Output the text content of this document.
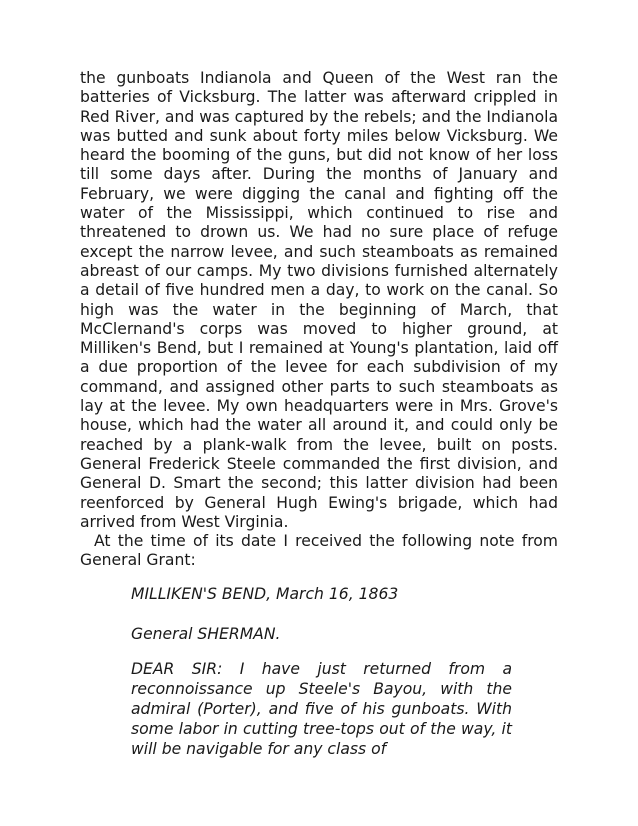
the gunboats Indianola and Queen of the West ran the batteries of Vicksburg. The latter was afterward crippled in Red River, and was captured by the rebels; and the Indianola was butted and sunk about forty miles below Vicksburg. We heard the booming of the guns, but did not know of her loss till some days after. During the months of January and February, we were digging the canal and fighting off the water of the Mississippi, which continued to rise and threatened to drown us. We had no sure place of refuge except the narrow levee, and such steamboats as remained abreast of our camps. My two divisions furnished alternately a detail of five hundred men a day, to work on the canal. So high was the water in the beginning of March, that McClernand's corps was moved to higher ground, at Milliken's Bend, but I remained at Young's plantation, laid off a due proportion of the levee for each subdivision of my command, and assigned other parts to such steamboats as lay at the levee. My own headquarters were in Mrs. Grove's house, which had the water all around it, and could only be reached by a plank-walk from the levee, built on posts. General Frederick Steele commanded the first division, and General D. Smart the second; this latter division had been reenforced by General Hugh Ewing's brigade, which had arrived from West Virginia.

At the time of its date I received the following note from General Grant:

MILLIKEN'S BEND, March 16, 1863

General SHERMAN.

DEAR SIR: I have just returned from a reconnoissance up Steele's Bayou, with the admiral (Porter), and five of his gunboats. With some labor in cutting tree-tops out of the way, it will be navigable for any class of
